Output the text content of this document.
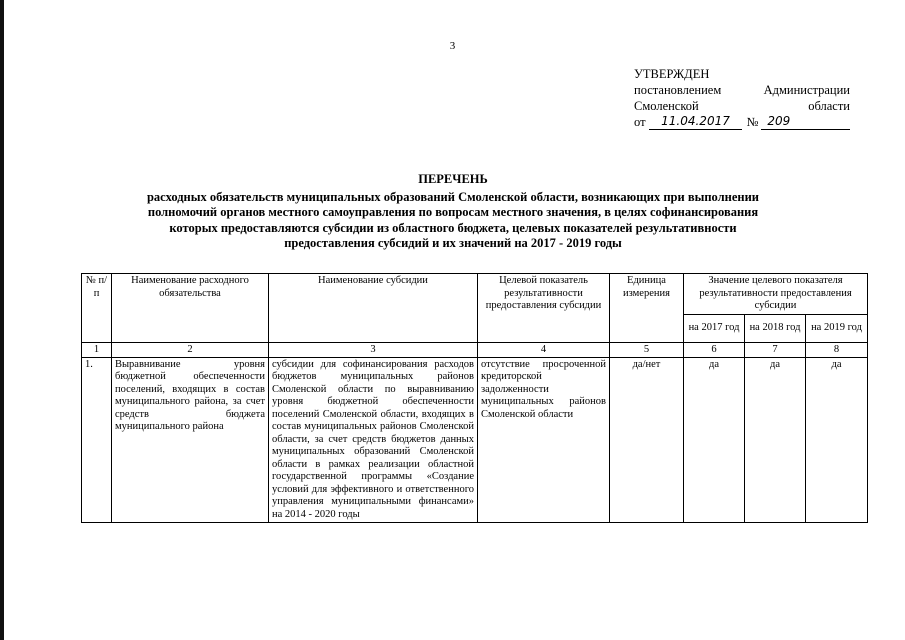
3
УТВЕРЖДЕН
постановлением	Администрации
Смоленской	области
от	11.04.2017	№ 209
ПЕРЕЧЕНЬ
расходных обязательств муниципальных образований Смоленской области, возникающих при выполнении
полномочий органов местного самоуправления по вопросам местного значения, в целях софинансирования
которых предоставляются субсидии из областного бюджета, целевых показателей результативности
предоставления субсидий и их значений на 2017 - 2019 годы
№ п/п	Наименование расходного обязательства	Наименование субсидии	Целевой показатель результативности предоставления субсидии	Единица измерения	Значение целевого показателя результативности предоставления субсидии		
					на 2017 год	на 2018 год	на 2019 год
1	2	3	4	5	6	7	8
1.	Выравнивание уровня бюджетной обеспеченности поселений, входящих в состав муниципального района, за счет средств бюджета муниципального района	субсидии для софинансирования расходов бюджетов муниципальных районов Смоленской области по выравниванию уровня бюджетной обеспеченности поселений Смоленской области, входящих в состав муниципальных районов Смоленской области, за счет средств бюджетов данных муниципальных образований Смоленской области в рамках реализации областной государственной программы «Создание условий для эффективного и ответственного управления муниципальными финансами» на 2014 - 2020 годы	отсутствие просроченной кредиторской задолженности муниципальных районов Смоленской области	да/нет	да	да	да
